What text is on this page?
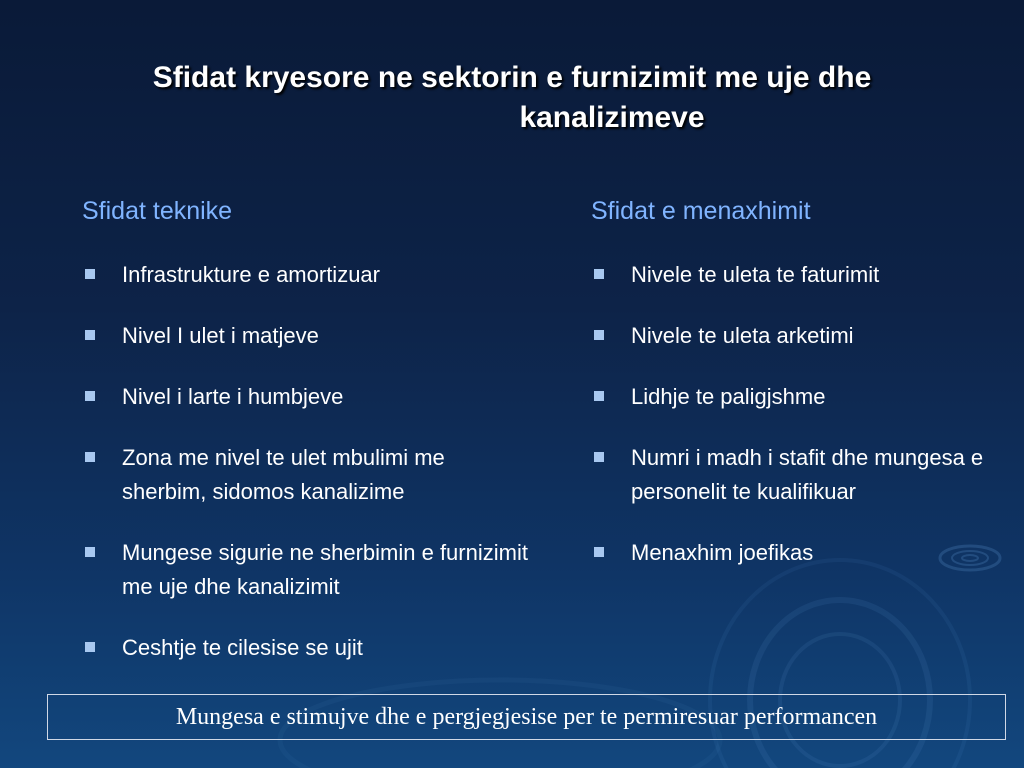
Sfidat kryesore ne sektorin e furnizimit me uje dhe
kanalizimeve
Sfidat teknike
Infrastrukture e amortizuar
Nivel I ulet i matjeve
Nivel i larte i humbjeve
Zona me nivel te ulet mbulimi me sherbim, sidomos kanalizime
Mungese sigurie ne sherbimin e furnizimit me uje dhe kanalizimit
Ceshtje te cilesise se ujit
Sfidat e menaxhimit
Nivele te uleta te faturimit
Nivele te uleta arketimi
Lidhje te paligjshme
Numri i madh i stafit dhe mungesa e personelit te kualifikuar
Menaxhim joefikas
Mungesa e stimujve dhe e pergjegjesise per te permiresuar performancen
